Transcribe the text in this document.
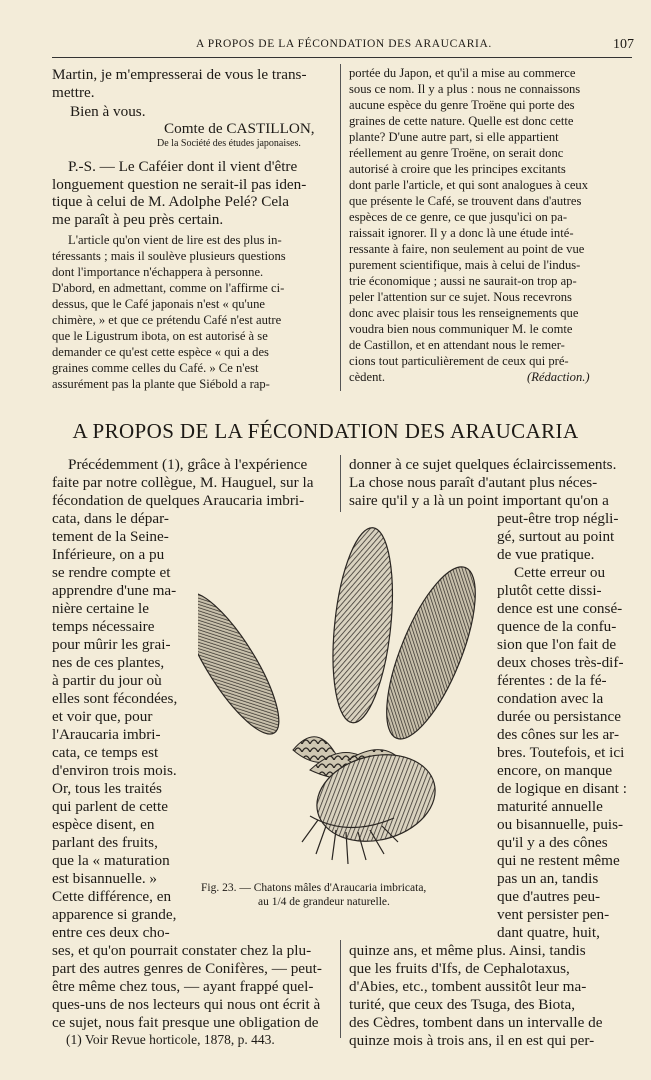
A PROPOS DE LA FÉCONDATION DES ARAUCARIA.	107
Martin, je m'empresserai de vous le trans-
mettre.
Bien à vous.
Comte de CASTILLON,
De la Société des études japonaises.
P.-S. — Le Caféier dont il vient d'être
longuement question ne serait-il pas iden-
tique à celui de M. Adolphe Pelé? Cela
me paraît à peu près certain.
L'article qu'on vient de lire est des plus in-
téressants ; mais il soulève plusieurs questions
dont l'importance n'échappera à personne.
D'abord, en admettant, comme on l'affirme ci-
dessus, que le Café japonais n'est « qu'une
chimère, » et que ce prétendu Café n'est autre
que le Ligustrum ibota, on est autorisé à se
demander ce qu'est cette espèce « qui a des
graines comme celles du Café. » Ce n'est
assurément pas la plante que Siébold a rap-
portée du Japon, et qu'il a mise au commerce
sous ce nom. Il y a plus : nous ne connaissons
aucune espèce du genre Troëne qui porte des
graines de cette nature. Quelle est donc cette
plante? D'une autre part, si elle appartient
réellement au genre Troëne, on serait donc
autorisé à croire que les principes excitants
dont parle l'article, et qui sont analogues à ceux
que présente le Café, se trouvent dans d'autres
espèces de ce genre, ce que jusqu'ici on pa-
raissait ignorer. Il y a donc là une étude inté-
ressante à faire, non seulement au point de vue
purement scientifique, mais à celui de l'indus-
trie économique ; aussi ne saurait-on trop ap-
peler l'attention sur ce sujet. Nous recevrons
donc avec plaisir tous les renseignements que
voudra bien nous communiquer M. le comte
de Castillon, et en attendant nous le remer-
cions tout particulièrement de ceux qui pré-
cèdent.	(Rédaction.)
A PROPOS DE LA FÉCONDATION DES ARAUCARIA
Précédemment (1), grâce à l'expérience
faite par notre collègue, M. Hauguel, sur la
fécondation de quelques Araucaria imbri-
donner à ce sujet quelques éclaircissements.
La chose nous paraît d'autant plus néces-
saire qu'il y a là un point important qu'on a
cata, dans le dépar-
tement de la Seine-
Inférieure, on a pu
se rendre compte et
apprendre d'une ma-
nière certaine le
temps nécessaire
pour mûrir les grai-
nes de ces plantes,
à partir du jour où
elles sont fécondées,
et voir que, pour
l'Araucaria imbri-
cata, ce temps est
d'environ trois mois.
Or, tous les traités
qui parlent de cette
espèce disent, en
parlant des fruits,
que la « maturation
est bisannuelle. »
Cette différence, en
apparence si grande,
entre ces deux cho-
peut-être trop négli-
gé, surtout au point
de vue pratique.
Cette erreur ou
plutôt cette dissi-
dence est une consé-
quence de la confu-
sion que l'on fait de
deux choses très-dif-
férentes : de la fé-
condation avec la
durée ou persistance
des cônes sur les ar-
bres. Toutefois, et ici
encore, on manque
de logique en disant :
maturité annuelle
ou bisannuelle, puis-
qu'il y a des cônes
qui ne restent même
pas un an, tandis
que d'autres peu-
vent persister pen-
dant quatre, huit,
Fig. 23. — Chatons mâles d'Araucaria imbricata,
au 1/4 de grandeur naturelle.
ses, et qu'on pourrait constater chez la plu-
part des autres genres de Conifères, — peut-
être même chez tous, — ayant frappé quel-
ques-uns de nos lecteurs qui nous ont écrit à
ce sujet, nous fait presque une obligation de
quinze ans, et même plus. Ainsi, tandis
que les fruits d'Ifs, de Cephalotaxus,
d'Abies, etc., tombent aussitôt leur ma-
turité, que ceux des Tsuga, des Biota,
des Cèdres, tombent dans un intervalle de
quinze mois à trois ans, il en est qui per-
(1) Voir Revue horticole, 1878, p. 443.
